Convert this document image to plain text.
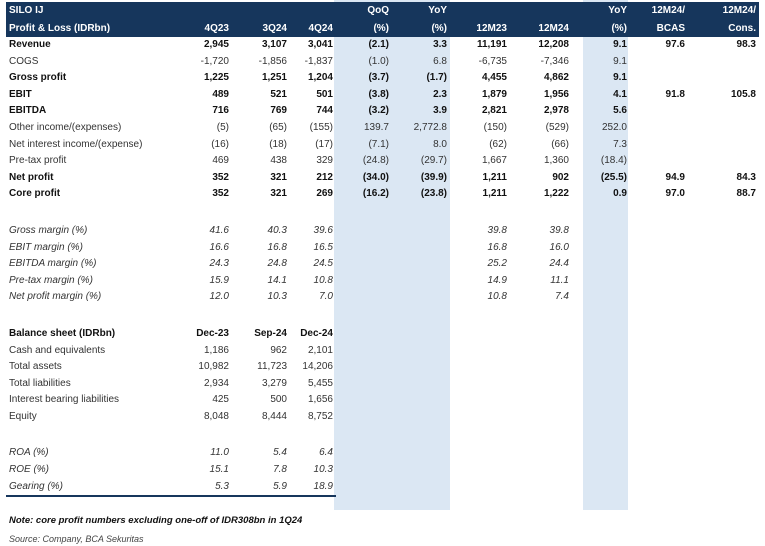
SILO IJ				QoQ	YoY			YoY	12M24/	12M24/
Profit & Loss (IDRbn)	4Q23	3Q24	4Q24	(%)	(%)	12M23	12M24	(%)	BCAS	Cons.
Revenue	2,945	3,107	3,041	(2.1)	3.3	11,191	12,208	9.1	97.6	98.3
COGS	-1,720	-1,856	-1,837	(1.0)	6.8	-6,735	-7,346	9.1		
Gross profit	1,225	1,251	1,204	(3.7)	(1.7)	4,455	4,862	9.1		
EBIT	489	521	501	(3.8)	2.3	1,879	1,956	4.1	91.8	105.8
EBITDA	716	769	744	(3.2)	3.9	2,821	2,978	5.6		
Other income/(expenses)	(5)	(65)	(155)	139.7	2,772.8	(150)	(529)	252.0		
Net interest income/(expense)	(16)	(18)	(17)	(7.1)	8.0	(62)	(66)	7.3		
Pre-tax profit	469	438	329	(24.8)	(29.7)	1,667	1,360	(18.4)		
Net profit	352	321	212	(34.0)	(39.9)	1,211	902	(25.5)	94.9	84.3
Core profit	352	321	269	(16.2)	(23.8)	1,211	1,222	0.9	97.0	88.7

Gross margin (%)	41.6	40.3	39.6			39.8	39.8			
EBIT margin (%)	16.6	16.8	16.5			16.8	16.0			
EBITDA margin (%)	24.3	24.8	24.5			25.2	24.4			
Pre-tax margin (%)	15.9	14.1	10.8			14.9	11.1			
Net profit margin (%)	12.0	10.3	7.0			10.8	7.4			

Balance sheet (IDRbn)	Dec-23	Sep-24	Dec-24							
Cash and equivalents	1,186	962	2,101							
Total assets	10,982	11,723	14,206							
Total liabilities	2,934	3,279	5,455							
Interest bearing liabilities	425	500	1,656							
Equity	8,048	8,444	8,752							

ROA (%)	11.0	5.4	6.4							
ROE (%)	15.1	7.8	10.3							
Gearing (%)	5.3	5.9	18.9							
Note: core profit numbers excluding one-off of IDR308bn in 1Q24
Source: Company, BCA Sekuritas
